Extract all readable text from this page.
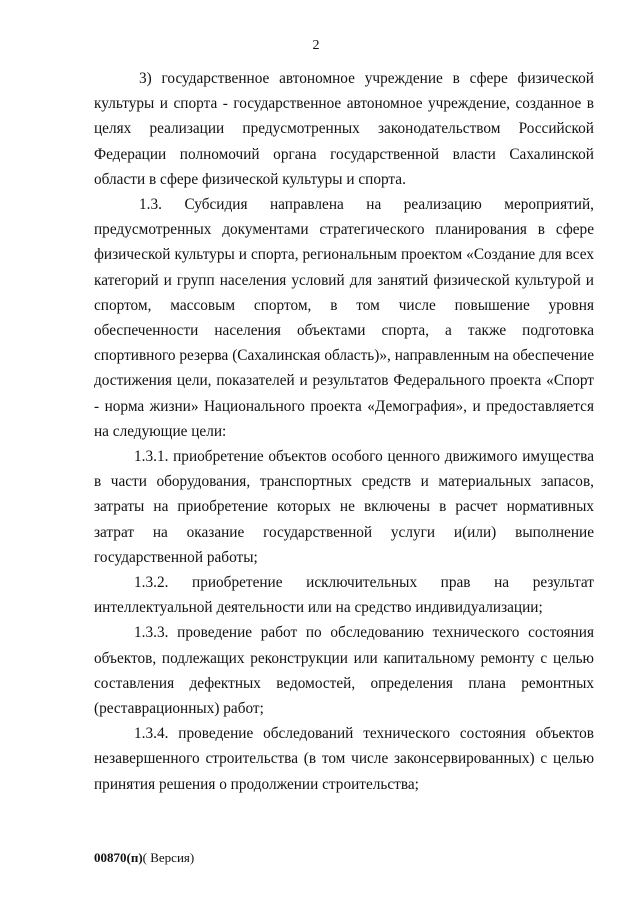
2

3) государственное автономное учреждение в сфере физической культуры и спорта - государственное автономное учреждение, созданное в целях реализации предусмотренных законодательством Российской Федерации полномочий органа государственной власти Сахалинской области в сфере физической культуры и спорта.

1.3. Субсидия направлена на реализацию мероприятий, предусмотренных документами стратегического планирования в сфере физической культуры и спорта, региональным проектом «Создание для всех категорий и групп населения условий для занятий физической культурой и спортом, массовым спортом, в том числе повышение уровня обеспеченности населения объектами спорта, а также подготовка спортивного резерва (Сахалинская область)», направленным на обеспечение достижения цели, показателей и результатов Федерального проекта «Спорт - норма жизни» Национального проекта «Демография», и предоставляется на следующие цели:

1.3.1. приобретение объектов особого ценного движимого имущества в части оборудования, транспортных средств и материальных запасов, затраты на приобретение которых не включены в расчет нормативных затрат на оказание государственной услуги и(или) выполнение государственной работы;

1.3.2. приобретение исключительных прав на результат интеллектуальной деятельности или на средство индивидуализации;

1.3.3. проведение работ по обследованию технического состояния объектов, подлежащих реконструкции или капитальному ремонту с целью составления дефектных ведомостей, определения плана ремонтных (реставрационных) работ;

1.3.4. проведение обследований технического состояния объектов незавершенного строительства (в том числе законсервированных) с целью принятия решения о продолжении строительства;

00870(п)( Версия)
